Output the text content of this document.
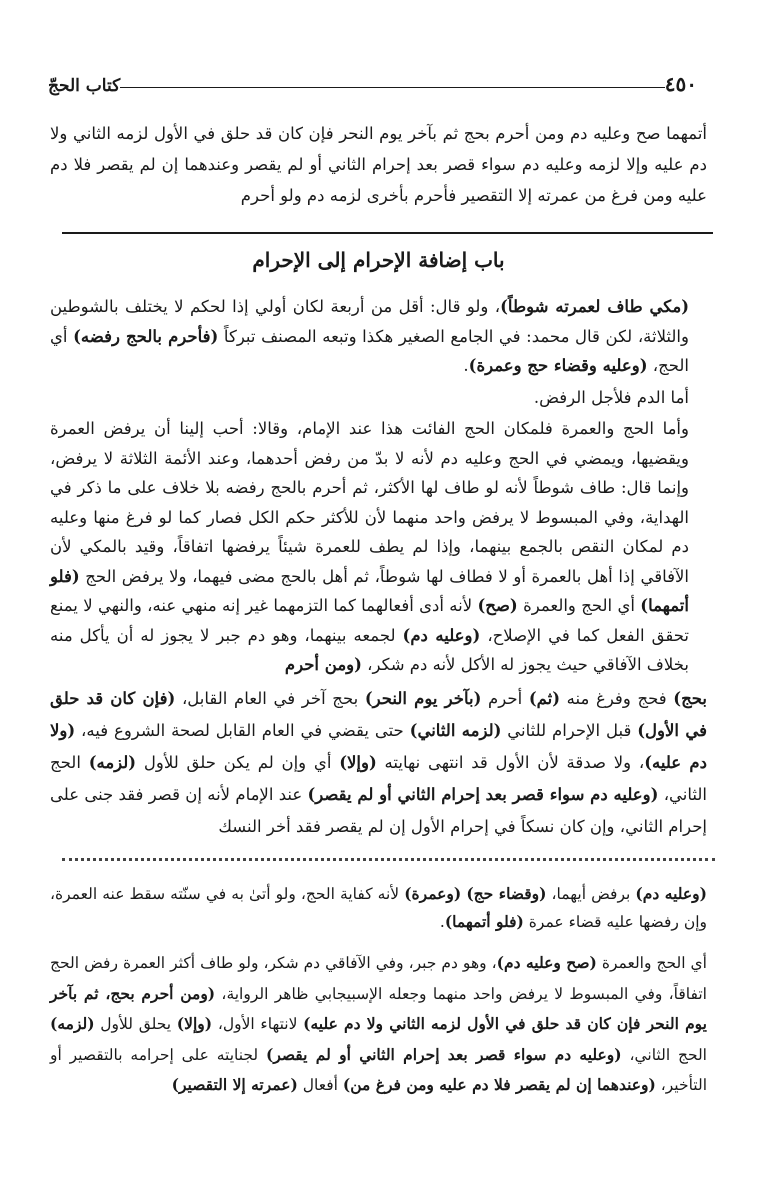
٤٥٠
كتاب الحجّ

أتمهما صح وعليه دم ومن أحرم بحج ثم بآخر يوم النحر فإن كان قد حلق في الأول لزمه الثاني ولا دم عليه وإلا لزمه وعليه دم سواء قصر بعد إحرام الثاني أو لم يقصر وعندهما إن لم يقصر فلا دم عليه ومن فرغ من عمرته إلا التقصير فأحرم بأخرى لزمه دم ولو أحرم

باب إضافة الإحرام إلى الإحرام

(مكي طاف لعمرته شوطاً)، ولو قال: أقل من أربعة لكان أولي إذا لحكم لا يختلف بالشوطين والثلاثة، لكن قال محمد: في الجامع الصغير هكذا وتبعه المصنف تبركاً (فأحرم بالحج رفضه) أي الحج، (وعليه وقضاء حج وعمرة).

أما الدم فلأجل الرفض.

وأما الحج والعمرة فلمكان الحج الفائت هذا عند الإمام، وقالا: أحب إلينا أن يرفض العمرة ويقضيها، ويمضي في الحج وعليه دم لأنه لا بدّ من رفض أحدهما، وعند الأئمة الثلاثة لا يرفض، وإنما قال: طاف شوطاً لأنه لو طاف لها الأكثر، ثم أحرم بالحج رفضه بلا خلاف على ما ذكر في الهداية، وفي المبسوط لا يرفض واحد منهما لأن للأكثر حكم الكل فصار كما لو فرغ منها وعليه دم لمكان النقص بالجمع بينهما، وإذا لم يطف للعمرة شيئاً يرفضها اتفاقاً، وقيد بالمكي لأن الآفاقي إذا أهل بالعمرة أو لا فطاف لها شوطاً، ثم أهل بالحج مضى فيهما، ولا يرفض الحج (فلو أتمهما) أي الحج والعمرة (صح) لأنه أدى أفعالهما كما التزمهما غير إنه منهي عنه، والنهي لا يمنع تحقق الفعل كما في الإصلاح، (وعليه دم) لجمعه بينهما، وهو دم جبر لا يجوز له أن يأكل منه بخلاف الآفاقي حيث يجوز له الأكل لأنه دم شكر، (ومن أحرم

بحج) فحج وفرغ منه (ثم) أحرم (بآخر يوم النحر) بحج آخر في العام القابل، (فإن كان قد حلق في الأول) قبل الإحرام للثاني (لزمه الثاني) حتى يقضي في العام القابل لصحة الشروع فيه، (ولا دم عليه)، ولا صدقة لأن الأول قد انتهى نهايته (وإلا) أي وإن لم يكن حلق للأول (لزمه) الحج الثاني، (وعليه دم سواء قصر بعد إحرام الثاني أو لم يقصر) عند الإمام لأنه إن قصر فقد جنى على إحرام الثاني، وإن كان نسكاً في إحرام الأول إن لم يقصر فقد أخر النسك

(وعليه دم) برفض أيهما، (وقضاء حج) (وعمرة) لأنه كفاية الحج، ولو أتىٰ به في سنّته سقط عنه العمرة، وإن رفضها عليه قضاء عمرة (فلو أتمهما).

أي الحج والعمرة (صح وعليه دم)، وهو دم جبر، وفي الآفاقي دم شكر، ولو طاف أكثر العمرة رفض الحج اتفاقاً، وفي المبسوط لا يرفض واحد منهما وجعله الإسبيجابي ظاهر الرواية، (ومن أحرم بحج، ثم بآخر يوم النحر فإن كان قد حلق في الأول لزمه الثاني ولا دم عليه) لانتهاء الأول، (وإلا) يحلق للأول (لزمه) الحج الثاني، (وعليه دم سواء قصر بعد إحرام الثاني أو لم يقصر) لجنايته على إحرامه بالتقصير أو التأخير، (وعندهما إن لم يقصر فلا دم عليه ومن فرغ من) أفعال (عمرته إلا التقصير)
